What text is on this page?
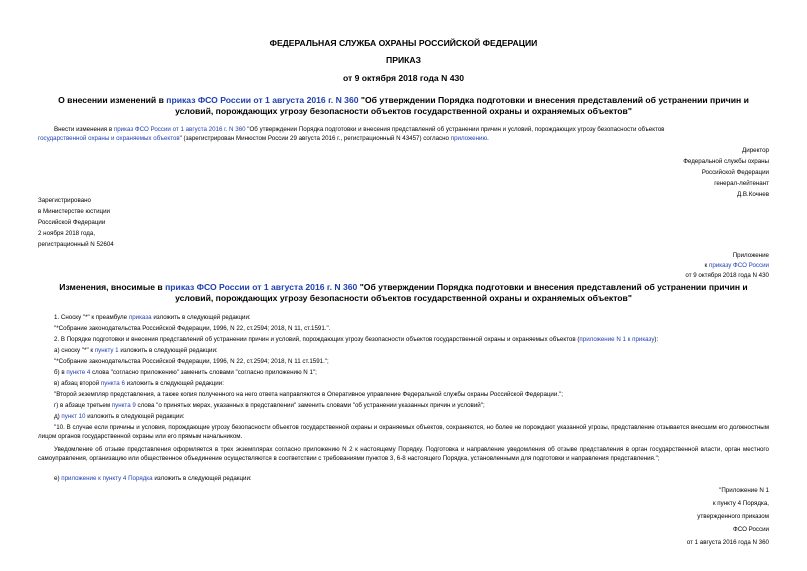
ФЕДЕРАЛЬНАЯ СЛУЖБА ОХРАНЫ РОССИЙСКОЙ ФЕДЕРАЦИИ
ПРИКАЗ
от 9 октября 2018 года N 430
О внесении изменений в приказ ФСО России от 1 августа 2016 г. N 360 "Об утверждении Порядка подготовки и внесения представлений об устранении причин и
условий, порождающих угрозу безопасности объектов государственной охраны и охраняемых объектов"
Внести изменения в приказ ФСО России от 1 августа 2016 г. N 360 "Об утверждении Порядка подготовки и внесения представлений об устранении причин и условий, порождающих угрозу безопасности объектов
государственной охраны и охраняемых объектов" (зарегистрирован Минюстом России 29 августа 2016 г., регистрационный N 43457) согласно приложению.
Директор
Федеральной службы охраны
Российской Федерации
генерал-лейтенант
Д.В.Кочнев
Зарегистрировано
в Министерстве юстиции
Российской Федерации
2 ноября 2018 года,
регистрационный N 52604
Приложение
к приказу ФСО России
от 9 октября 2018 года N 430
Изменения, вносимые в приказ ФСО России от 1 августа 2016 г. N 360 "Об утверждении Порядка подготовки и внесения представлений об устранении причин и
условий, порождающих угрозу безопасности объектов государственной охраны и охраняемых объектов"
1. Сноску "*" к преамбуле приказа изложить в следующей редакции:
"*Собрание законодательства Российской Федерации, 1996, N 22, ст.2594; 2018, N 11, ст.1591.".
2. В Порядке подготовки и внесения представлений об устранении причин и условий, порождающих угрозу безопасности объектов государственной охраны и охраняемых объектов (приложение N 1 к приказу):
а) сноску "*" к пункту 1 изложить в следующей редакции:
"*Собрание законодательства Российской Федерации, 1996, N 22, ст.2594; 2018, N 11 ст.1591.";
б) в пункте 4 слова "согласно приложению" заменить словами "согласно приложению N 1";
в) абзац второй пункта 6 изложить в следующей редакции:
"Второй экземпляр представления, а также копия полученного на него ответа направляются в Оперативное управление Федеральной службы охраны Российской Федерации.";
г) в абзаце третьем пункта 9 слова "о принятых мерах, указанных в представлении" заменить словами "об устранении указанных причин и условий";
д) пункт 10 изложить в следующей редакции:
"10. В случае если причины и условия, порождающие угрозу безопасности объектов государственной охраны и охраняемых объектов, сохраняются, но более не порождают указанной угрозы, представление отзывается внесшим его должностным лицом органов государственной охраны или его прямым начальником.
Уведомление об отзыве представления оформляется в трех экземплярах согласно приложению N 2 к настоящему Порядку. Подготовка и направление уведомления об отзыве представления в орган государственной власти, орган местного самоуправления, организацию или общественное объединение осуществляются в соответствии с требованиями пунктов 3, 6-8 настоящего Порядка, установленными для подготовки и направления представления.";
е) приложение к пункту 4 Порядка изложить в следующей редакции:
"Приложение N 1
к пункту 4 Порядка,
утвержденного приказом
ФСО России
от 1 августа 2016 года N 360
